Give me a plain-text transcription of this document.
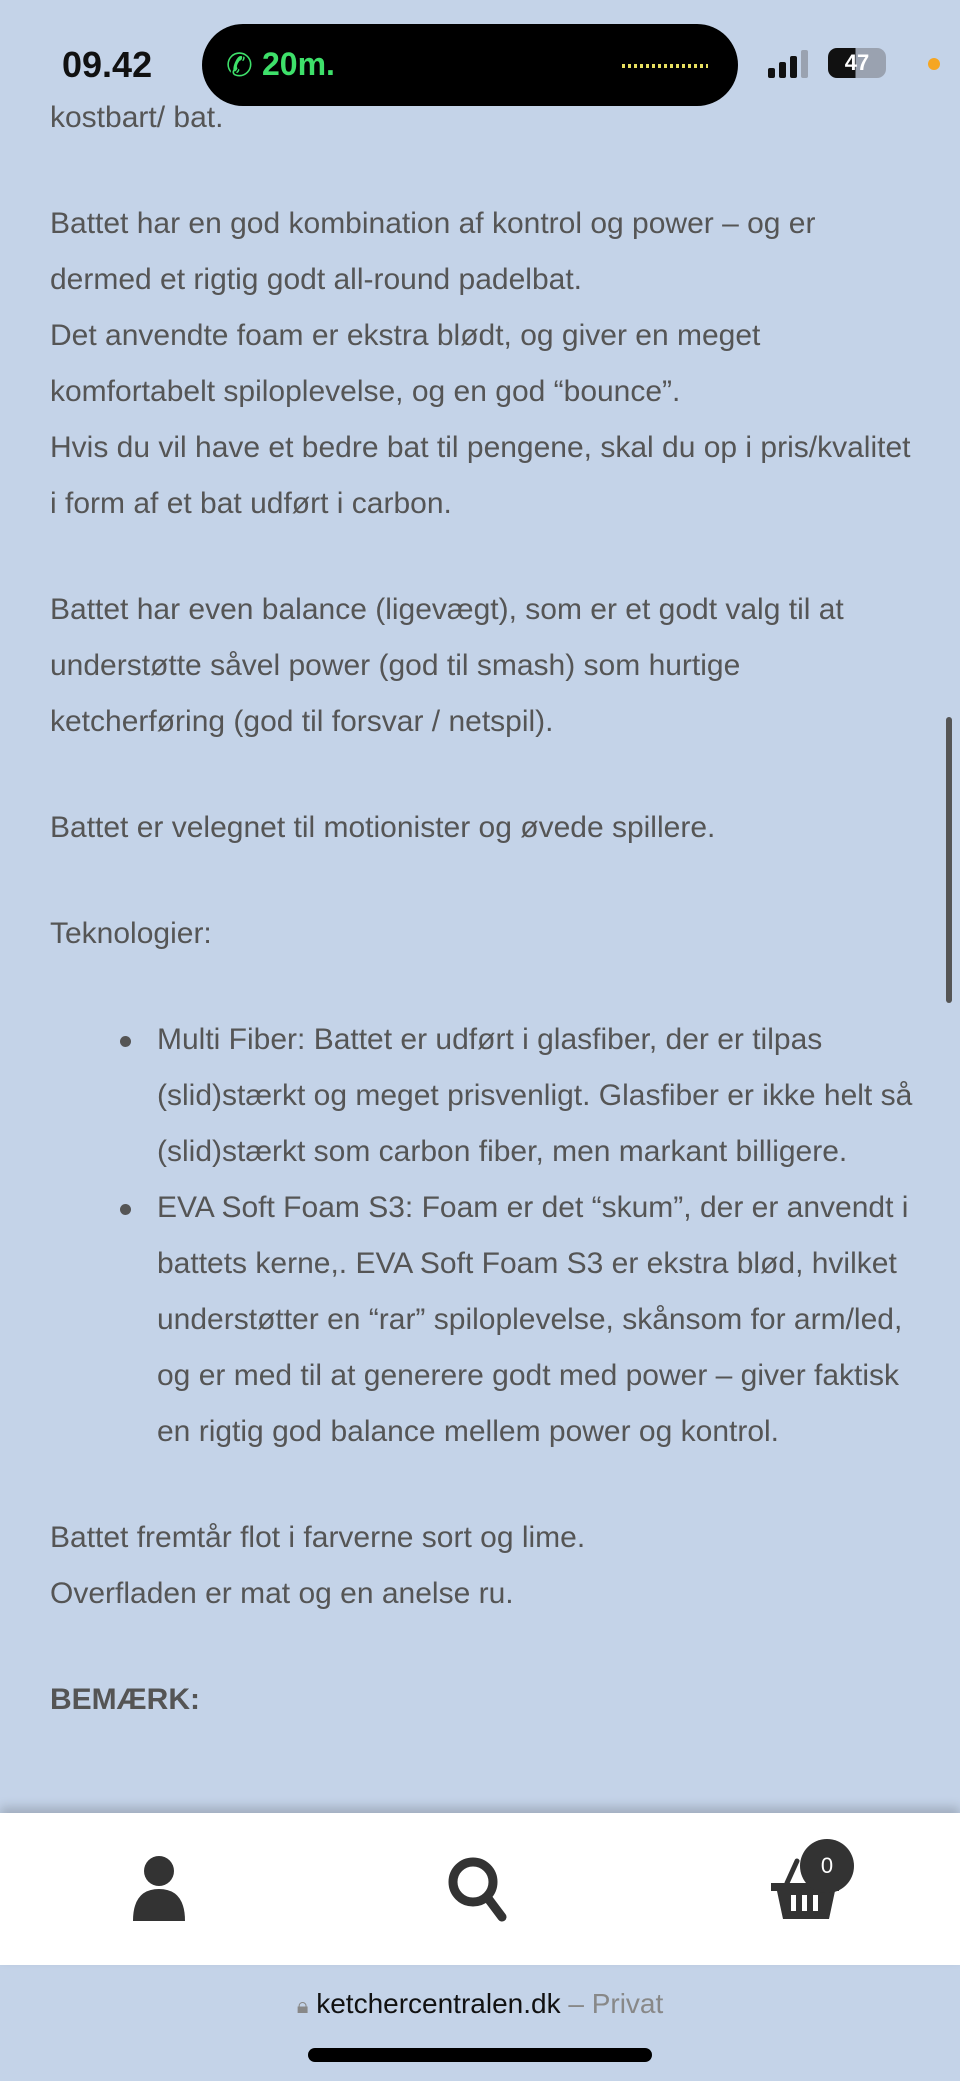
09.42 ✆ 20m.	47

kostbart/ bat.

Battet har en god kombination af kontrol og power – og er dermed et rigtig godt all-round padelbat.
Det anvendte foam er ekstra blødt, og giver en meget komfortabelt spiloplevelse, og en god “bounce”.
Hvis du vil have et bedre bat til pengene, skal du op i pris/kvalitet i form af et bat udført i carbon.

Battet har even balance (ligevægt), som er et godt valg til at understøtte såvel power (god til smash) som hurtige ketcherføring (god til forsvar / netspil).

Battet er velegnet til motionister og øvede spillere.

Teknologier:

Multi Fiber: Battet er udført i glasfiber, der er tilpas (slid)stærkt og meget prisvenligt. Glasfiber er ikke helt så (slid)stærkt som carbon fiber, men markant billigere.
EVA Soft Foam S3: Foam er det “skum”, der er anvendt i battets kerne,. EVA Soft Foam S3 er ekstra blød, hvilket understøtter en “rar” spiloplevelse, skånsom for arm/led, og er med til at generere godt med power – giver faktisk en rigtig god balance mellem power og kontrol.

Battet fremtår flot i farverne sort og lime.
Overfladen er mat og en anelse ru.

BEMÆRK:

0
🔒︎ ketchercentralen.dk – Privat
